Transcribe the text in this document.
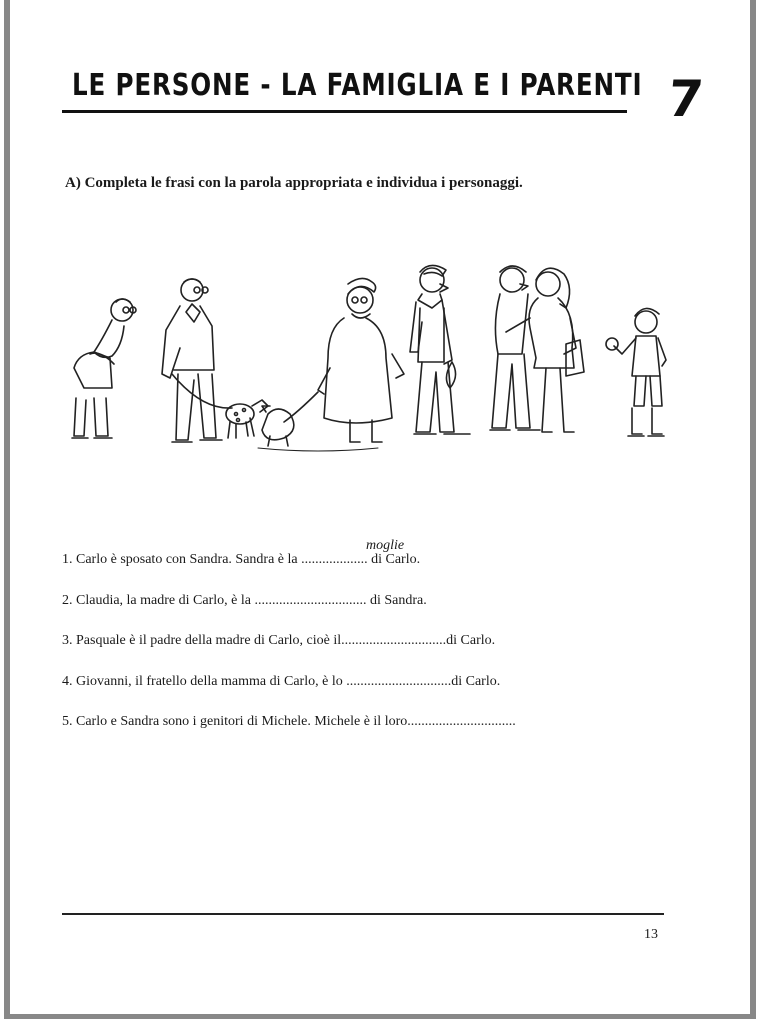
LE PERSONE - LA FAMIGLIA E I PARENTI 7
A) Completa le frasi con la parola appropriata e individua i personaggi.
1. Carlo è sposato con Sandra. Sandra è la ................... di Carlo.
moglie
2. Claudia, la madre di Carlo, è la ................................ di Sandra.
3. Pasquale è il padre della madre di Carlo, cioè il..............................di Carlo.
4. Giovanni, il fratello della mamma di Carlo, è lo ..............................di Carlo.
5. Carlo e Sandra sono i genitori di Michele. Michele è il loro...............................
13
